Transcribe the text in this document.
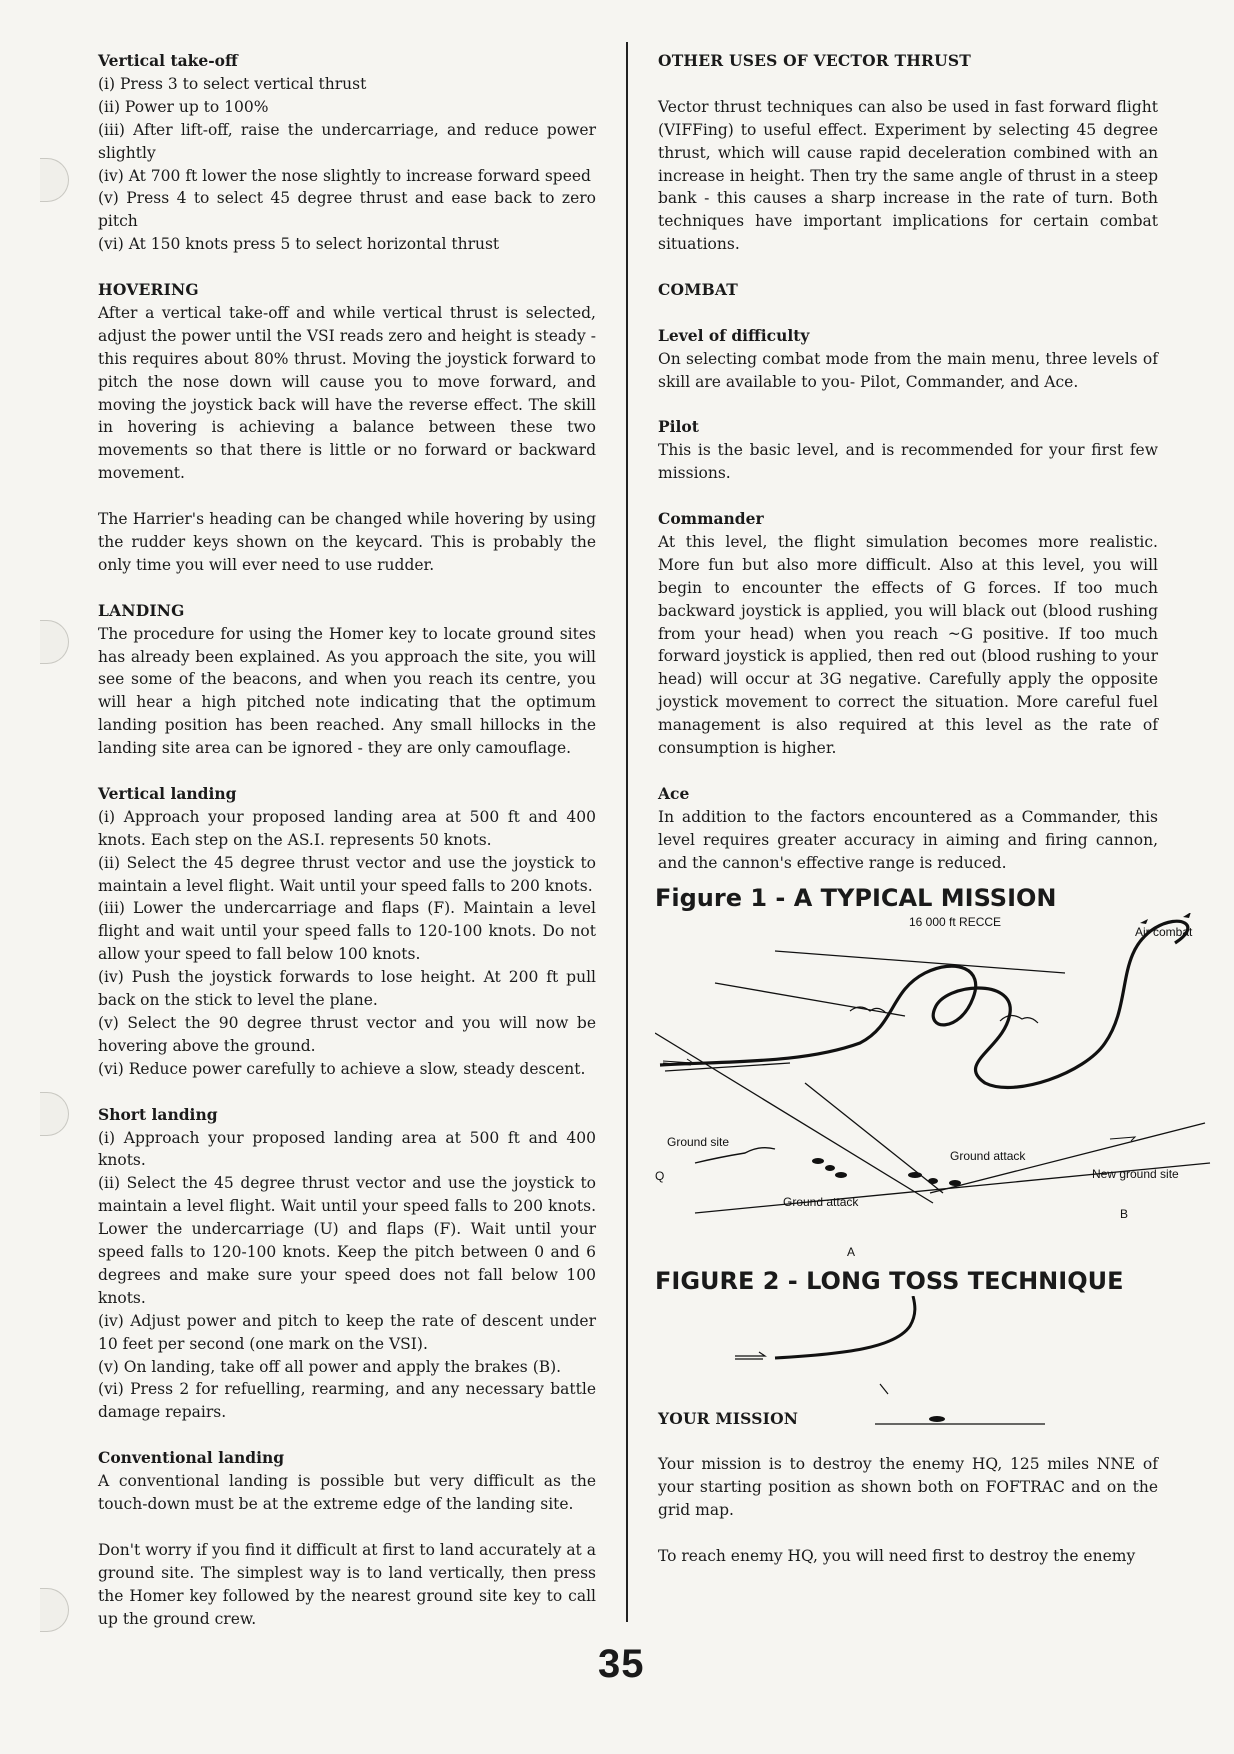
Vertical take-off
(i) Press 3 to select vertical thrust
(ii) Power up to 100%
(iii) After lift-off, raise the undercarriage, and reduce power slightly
(iv) At 700 ft lower the nose slightly to increase forward speed
(v) Press 4 to select 45 degree thrust and ease back to zero pitch
(vi) At 150 knots press 5 to select horizontal thrust
HOVERING

After a vertical take-off and while vertical thrust is selected, adjust the power until the VSI reads zero and height is steady - this requires about 80% thrust. Moving the joystick forward to pitch the nose down will cause you to move forward, and moving the joystick back will have the reverse effect. The skill in hovering is achieving a balance between these two movements so that there is little or no forward or backward movement.

The Harrier's heading can be changed while hovering by using the rudder keys shown on the keycard. This is probably the only time you will ever need to use rudder.

LANDING

The procedure for using the Homer key to locate ground sites has already been explained. As you approach the site, you will see some of the beacons, and when you reach its centre, you will hear a high pitched note indicating that the optimum landing position has been reached. Any small hillocks in the landing site area can be ignored - they are only camouflage.

Vertical landing
(i) Approach your proposed landing area at 500 ft and 400 knots. Each step on the AS.I. represents 50 knots.
(ii) Select the 45 degree thrust vector and use the joystick to maintain a level flight. Wait until your speed falls to 200 knots.
(iii) Lower the undercarriage and flaps (F). Maintain a level flight and wait until your speed falls to 120-100 knots. Do not allow your speed to fall below 100 knots.
(iv) Push the joystick forwards to lose height. At 200 ft pull back on the stick to level the plane.
(v) Select the 90 degree thrust vector and you will now be hovering above the ground.
(vi) Reduce power carefully to achieve a slow, steady descent.
Short landing
(i) Approach your proposed landing area at 500 ft and 400 knots.
(ii) Select the 45 degree thrust vector and use the joystick to maintain a level flight. Wait until your speed falls to 200 knots. Lower the undercarriage (U) and flaps (F). Wait until your speed falls to 120-100 knots. Keep the pitch between 0 and 6 degrees and make sure your speed does not fall below 100 knots.
(iv) Adjust power and pitch to keep the rate of descent under 10 feet per second (one mark on the VSI).
(v) On landing, take off all power and apply the brakes (B).
(vi) Press 2 for refuelling, rearming, and any necessary battle damage repairs.
Conventional landing

A conventional landing is possible but very difficult as the touch-down must be at the extreme edge of the landing site.

Don't worry if you find it difficult at first to land accurately at a ground site. The simplest way is to land vertically, then press the Homer key followed by the nearest ground site key to call up the ground crew.

OTHER USES OF VECTOR THRUST

Vector thrust techniques can also be used in fast forward flight (VIFFing) to useful effect. Experiment by selecting 45 degree thrust, which will cause rapid deceleration combined with an increase in height. Then try the same angle of thrust in a steep bank - this causes a sharp increase in the rate of turn. Both techniques have important implications for certain combat situations.

COMBAT
Level of difficulty

On selecting combat mode from the main menu, three levels of skill are available to you- Pilot, Commander, and Ace.

Pilot

This is the basic level, and is recommended for your first few missions.

Commander

At this level, the flight simulation becomes more realistic. More fun but also more difficult. Also at this level, you will begin to encounter the effects of G forces. If too much backward joystick is applied, you will black out (blood rushing from your head) when you reach ~G positive. If too much forward joystick is applied, then red out (blood rushing to your head) will occur at 3G negative. Carefully apply the opposite joystick movement to correct the situation. More careful fuel management is also required at this level as the rate of consumption is higher.

Ace

In addition to the factors encountered as a Commander, this level requires greater accuracy in aiming and firing cannon, and the cannon's effective range is reduced.

Figure 1 - A TYPICAL MISSION
16 000 ft RECCE
Air combat
Ground site
Q
Ground attack
New ground site
Ground attack
B
A
FIGURE 2 - LONG TOSS TECHNIQUE
YOUR MISSION

Your mission is to destroy the enemy HQ, 125 miles NNE of your starting position as shown both on FOFTRAC and on the grid map.

To reach enemy HQ, you will need first to destroy the enemy

35
